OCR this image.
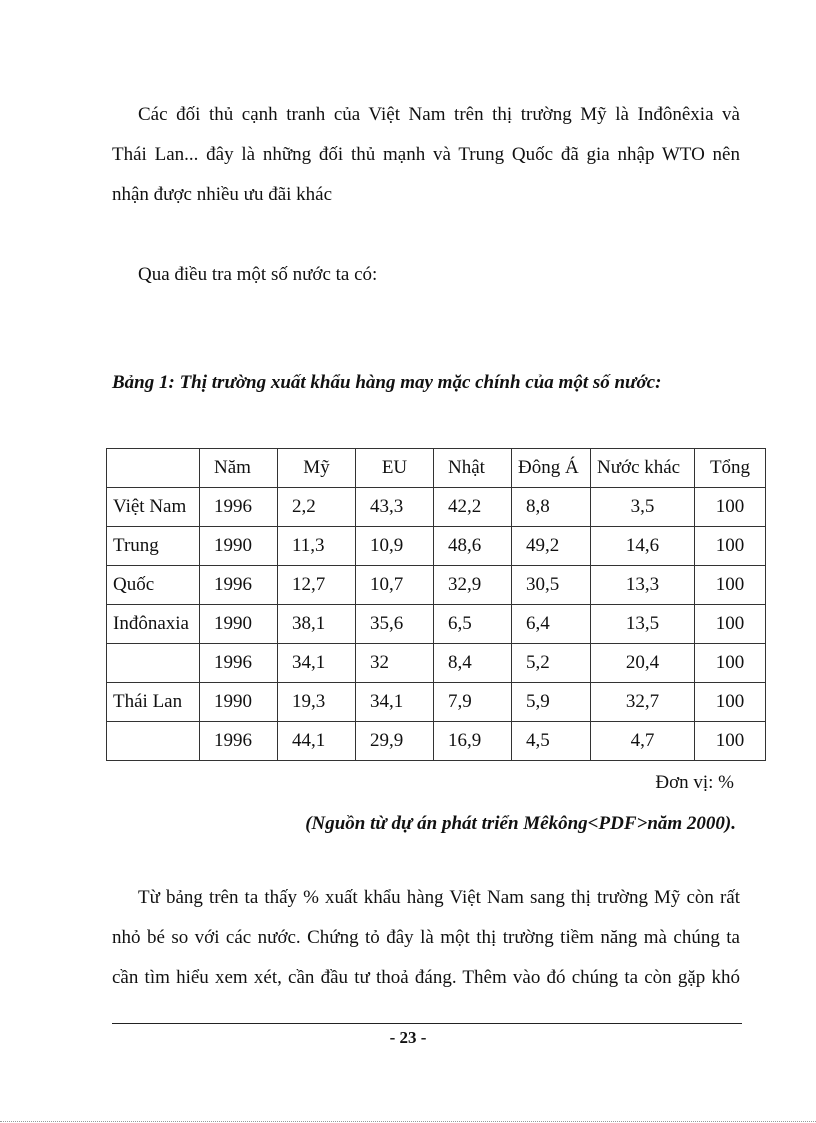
Các đối thủ cạnh tranh của Việt Nam trên thị trường Mỹ là Inđônêxia và
Thái Lan... đây là những đối thủ mạnh và Trung Quốc đã gia nhập WTO nên
nhận được nhiều ưu đãi khác
Qua điều tra một số nước ta có:
Bảng 1: Thị trường xuất khẩu hàng may mặc chính của một số nước:
	Năm	Mỹ	EU	Nhật	Đông Á	Nước khác	Tổng
Việt Nam	1996	2,2	43,3	42,2	8,8	3,5	100
Trung	1990	11,3	10,9	48,6	49,2	14,6	100
Quốc	1996	12,7	10,7	32,9	30,5	13,3	100
Inđônaxia	1990	38,1	35,6	6,5	6,4	13,5	100
	1996	34,1	32	8,4	5,2	20,4	100
Thái Lan	1990	19,3	34,1	7,9	5,9	32,7	100
	1996	44,1	29,9	16,9	4,5	4,7	100
Đơn vị: %
(Nguồn từ dự án phát triển Mêkông<PDF>năm 2000).
Từ bảng trên ta thấy % xuất khẩu hàng Việt Nam sang thị trường Mỹ còn rất
nhỏ bé so với các nước. Chứng tỏ đây là một thị trường tiềm năng mà chúng ta
cần tìm hiểu xem xét, cần đầu tư thoả đáng. Thêm vào đó chúng ta còn gặp khó
- 23 -
